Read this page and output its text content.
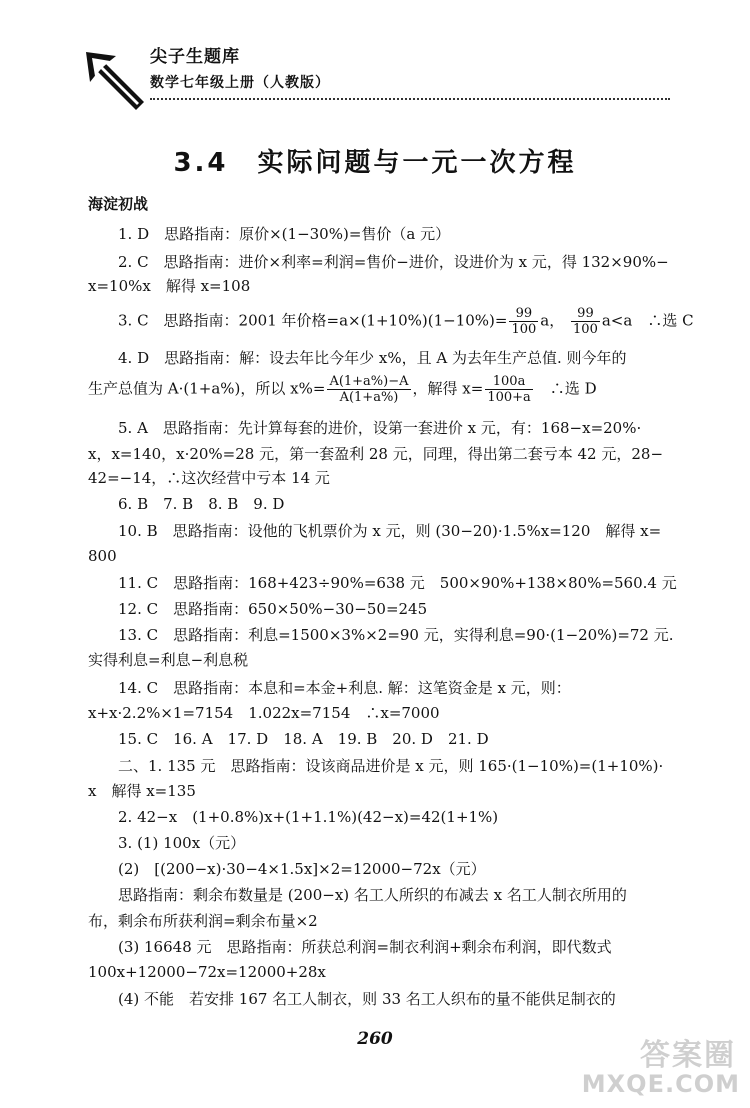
尖子生题库
数学七年级上册（人教版）
3.4　实际问题与一元一次方程
海淀初战
1. D　思路指南：原价×(1−30%)=售价（a 元）
2. C　思路指南：进价×利率=利润=售价−进价，设进价为 x 元，得 132×90%−
x=10%x　解得 x=108
3. C　思路指南：2001 年价格$=a\times(1+10\%)(1-10\%)= \frac{99}{100}$ a， $\frac{99}{100} a<a$　∴选 C
4. D　思路指南：解：设去年比今年少 x%，且 A 为去年生产总值. 则今年的
生产总值为 A·(1+a%)，所以 $x\%= \frac{A(1+a\%)-A}{A(1+a\%)}$ ，解得 $x= \frac{100a}{100+a}$ 　∴选 D
5. A　思路指南：先计算每套的进价，设第一套进价 x 元，有：168−x=20%·
x，x=140，x·20%=28 元，第一套盈利 28 元，同理，得出第二套亏本 42 元，28−
42=−14，∴这次经营中亏本 14 元
6. B　7. B　8. B　9. D
10. B　思路指南：设他的飞机票价为 x 元，则 (30−20)·1.5%x=120　解得 x=
800
11. C　思路指南：168+423÷90%=638 元　500×90%+138×80%=560.4 元
12. C　思路指南：650×50%−30−50=245
13. C　思路指南：利息=1500×3%×2=90 元，实得利息=90·(1−20%)=72 元.
实得利息=利息−利息税
14. C　思路指南：本息和=本金+利息. 解：这笔资金是 x 元，则：
x+x·2.2%×1=7154　1.022x=7154　∴x=7000
15. C　16. A　17. D　18. A　19. B　20. D　21. D
二、1. 135 元　思路指南：设该商品进价是 x 元，则 165·(1−10%)=(1+10%)·
x　解得 x=135
2. 42−x　(1+0.8%)x+(1+1.1%)(42−x)=42(1+1%)
3. (1) 100x（元）
(2)　[(200−x)·30−4×1.5x]×2=12000−72x（元）
思路指南：剩余布数量是 (200−x) 名工人所织的布减去 x 名工人制衣所用的
布，剩余布所获利润=剩余布量×2
(3) 16648 元　思路指南：所获总利润=制衣利润+剩余布利润，即代数式
100x+12000−72x=12000+28x
(4) 不能　若安排 167 名工人制衣，则 33 名工人织布的量不能供足制衣的
260	答案圈
MXQE.COM
